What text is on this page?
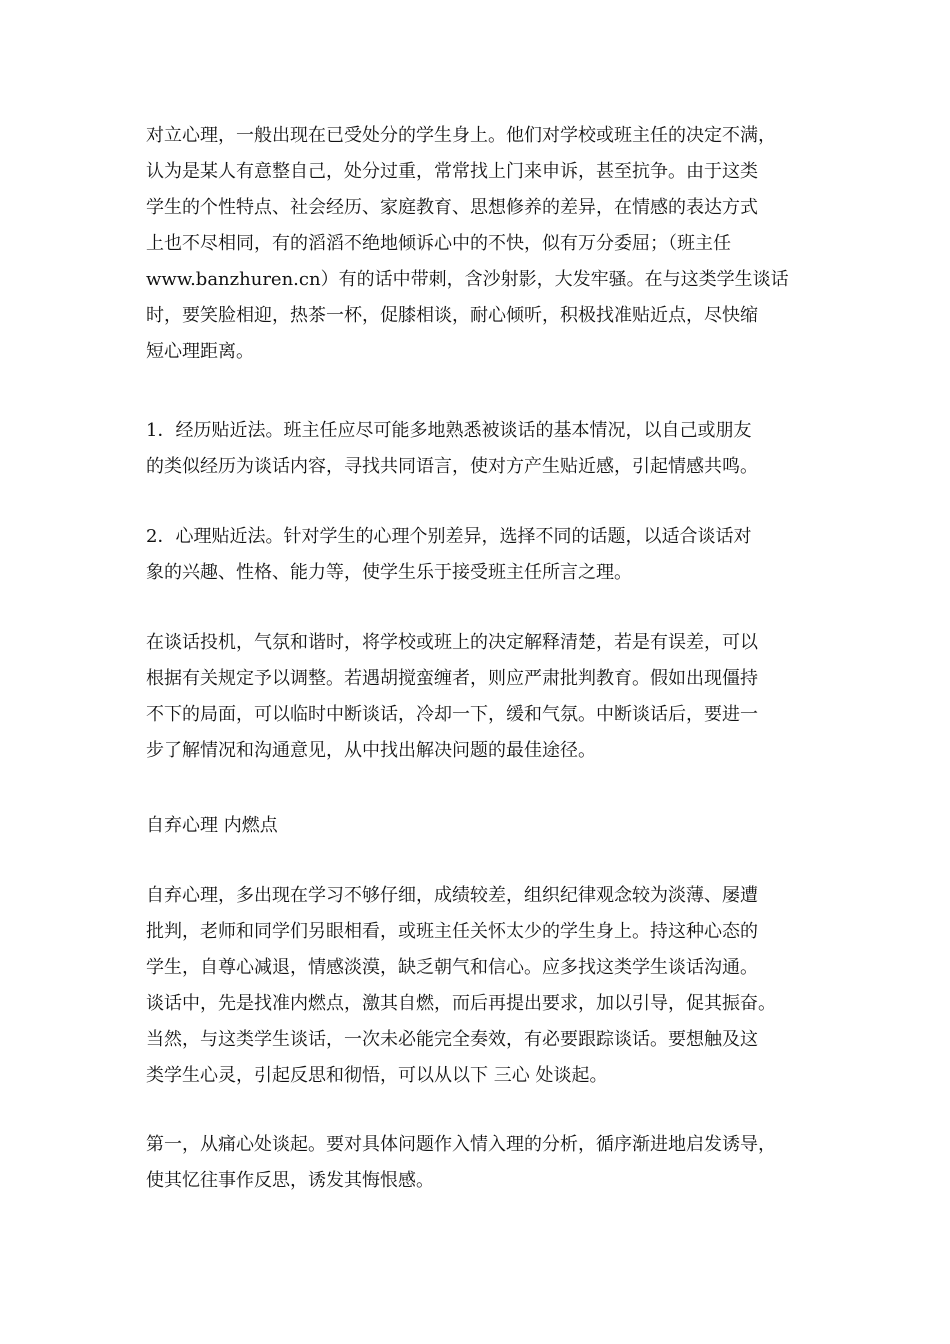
对立心理，一般出现在已受处分的学生身上。他们对学校或班主任的决定不满，
认为是某人有意整自己，处分过重，常常找上门来申诉，甚至抗争。由于这类
学生的个性特点、社会经历、家庭教育、思想修养的差异，在情感的表达方式
上也不尽相同，有的滔滔不绝地倾诉心中的不快，似有万分委屈；（班主任
www.banzhuren.cn）有的话中带刺，含沙射影，大发牢骚。在与这类学生谈话
时，要笑脸相迎，热茶一杯，促膝相谈，耐心倾听，积极找准贴近点，尽快缩
短心理距离。
1．经历贴近法。班主任应尽可能多地熟悉被谈话的基本情况，以自己或朋友
的类似经历为谈话内容，寻找共同语言，使对方产生贴近感，引起情感共鸣。
2．心理贴近法。针对学生的心理个别差异，选择不同的话题，以适合谈话对
象的兴趣、性格、能力等，使学生乐于接受班主任所言之理。
在谈话投机，气氛和谐时，将学校或班上的决定解释清楚，若是有误差，可以
根据有关规定予以调整。若遇胡搅蛮缠者，则应严肃批判教育。假如出现僵持
不下的局面，可以临时中断谈话，冷却一下，缓和气氛。中断谈话后，要进一
步了解情况和沟通意见，从中找出解决问题的最佳途径。
自弃心理 内燃点
自弃心理，多出现在学习不够仔细，成绩较差，组织纪律观念较为淡薄、屡遭
批判，老师和同学们另眼相看，或班主任关怀太少的学生身上。持这种心态的
学生，自尊心减退，情感淡漠，缺乏朝气和信心。应多找这类学生谈话沟通。
谈话中，先是找准内燃点，激其自燃，而后再提出要求，加以引导，促其振奋。
当然，与这类学生谈话，一次未必能完全奏效，有必要跟踪谈话。要想触及这
类学生心灵，引起反思和彻悟，可以从以下 三心 处谈起。
第一，从痛心处谈起。要对具体问题作入情入理的分析，循序渐进地启发诱导，
使其忆往事作反思，诱发其悔恨感。
